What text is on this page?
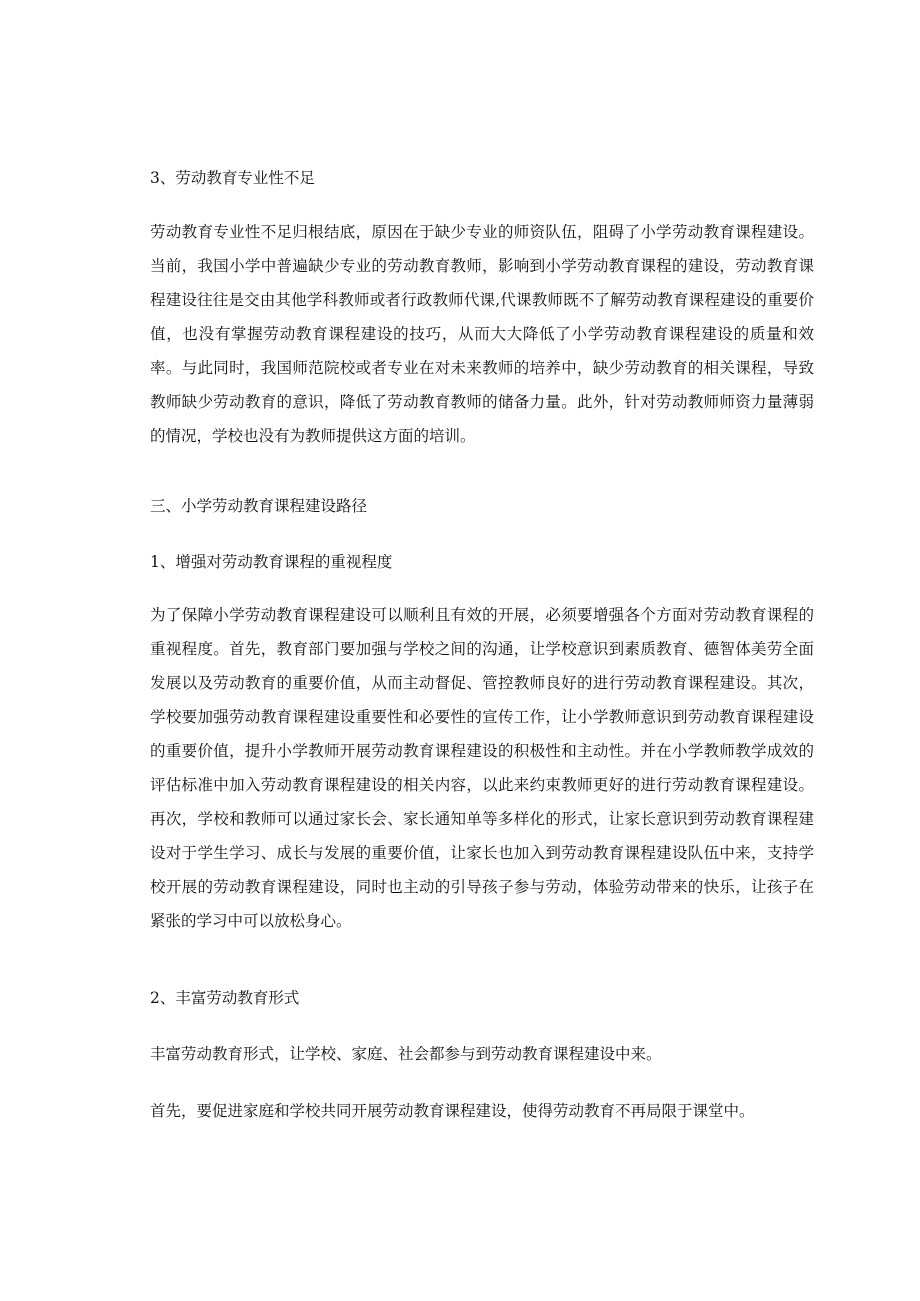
3、劳动教育专业性不足
劳动教育专业性不足归根结底，原因在于缺少专业的师资队伍，阻碍了小学劳动教育课程建设。当前，我国小学中普遍缺少专业的劳动教育教师，影响到小学劳动教育课程的建设，劳动教育课程建设往往是交由其他学科教师或者行政教师代课,代课教师既不了解劳动教育课程建设的重要价值，也没有掌握劳动教育课程建设的技巧，从而大大降低了小学劳动教育课程建设的质量和效率。与此同时，我国师范院校或者专业在对未来教师的培养中，缺少劳动教育的相关课程，导致教师缺少劳动教育的意识，降低了劳动教育教师的储备力量。此外，针对劳动教师师资力量薄弱的情况，学校也没有为教师提供这方面的培训。
三、小学劳动教育课程建设路径
1、增强对劳动教育课程的重视程度
为了保障小学劳动教育课程建设可以顺利且有效的开展，必须要增强各个方面对劳动教育课程的重视程度。首先，教育部门要加强与学校之间的沟通，让学校意识到素质教育、德智体美劳全面发展以及劳动教育的重要价值，从而主动督促、管控教师良好的进行劳动教育课程建设。其次，学校要加强劳动教育课程建设重要性和必要性的宣传工作，让小学教师意识到劳动教育课程建设的重要价值，提升小学教师开展劳动教育课程建设的积极性和主动性。并在小学教师教学成效的评估标准中加入劳动教育课程建设的相关内容，以此来约束教师更好的进行劳动教育课程建设。再次，学校和教师可以通过家长会、家长通知单等多样化的形式，让家长意识到劳动教育课程建设对于学生学习、成长与发展的重要价值，让家长也加入到劳动教育课程建设队伍中来，支持学校开展的劳动教育课程建设，同时也主动的引导孩子参与劳动，体验劳动带来的快乐，让孩子在紧张的学习中可以放松身心。
2、丰富劳动教育形式
丰富劳动教育形式，让学校、家庭、社会都参与到劳动教育课程建设中来。
首先，要促进家庭和学校共同开展劳动教育课程建设，使得劳动教育不再局限于课堂中。
